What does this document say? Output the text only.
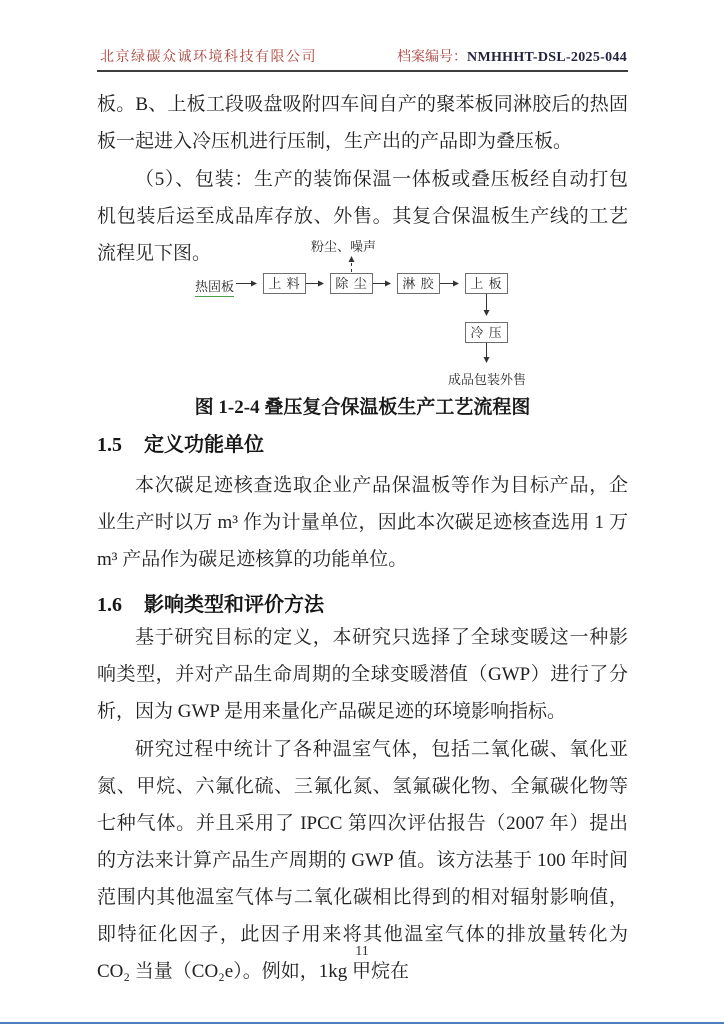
北京绿碳众诚环境科技有限公司	档案编号：NMHHHT-DSL-2025-044

板。B、上板工段吸盘吸附四车间自产的聚苯板同淋胶后的热固板一起进入冷压机进行压制，生产出的产品即为叠压板。

（5）、包装：生产的装饰保温一体板或叠压板经自动打包机包装后运至成品库存放、外售。其复合保温板生产线的工艺流程见下图。	粉尘、噪声
热固板	上 料	除 尘	淋 胶	上 板
冷 压
成品包装外售
图 1-2-4 叠压复合保温板生产工艺流程图
1.5 定义功能单位

本次碳足迹核查选取企业产品保温板等作为目标产品，企业生产时以万 m³ 作为计量单位，因此本次碳足迹核查选用 1 万 m³ 产品作为碳足迹核算的功能单位。

1.6 影响类型和评价方法

基于研究目标的定义，本研究只选择了全球变暖这一种影响类型，并对产品生命周期的全球变暖潜值（GWP）进行了分析，因为 GWP 是用来量化产品碳足迹的环境影响指标。

研究过程中统计了各种温室气体，包括二氧化碳、氧化亚氮、甲烷、六氟化硫、三氟化氮、氢氟碳化物、全氟碳化物等七种气体。并且采用了 IPCC 第四次评估报告（2007 年）提出的方法来计算产品生产周期的 GWP 值。该方法基于 100 年时间范围内其他温室气体与二氧化碳相比得到的相对辐射影响值，即特征化因子，此因子用来将其他温室气体的排放量转化为 CO₂ 当量（CO₂e）。例如，1kg 甲烷在

11
